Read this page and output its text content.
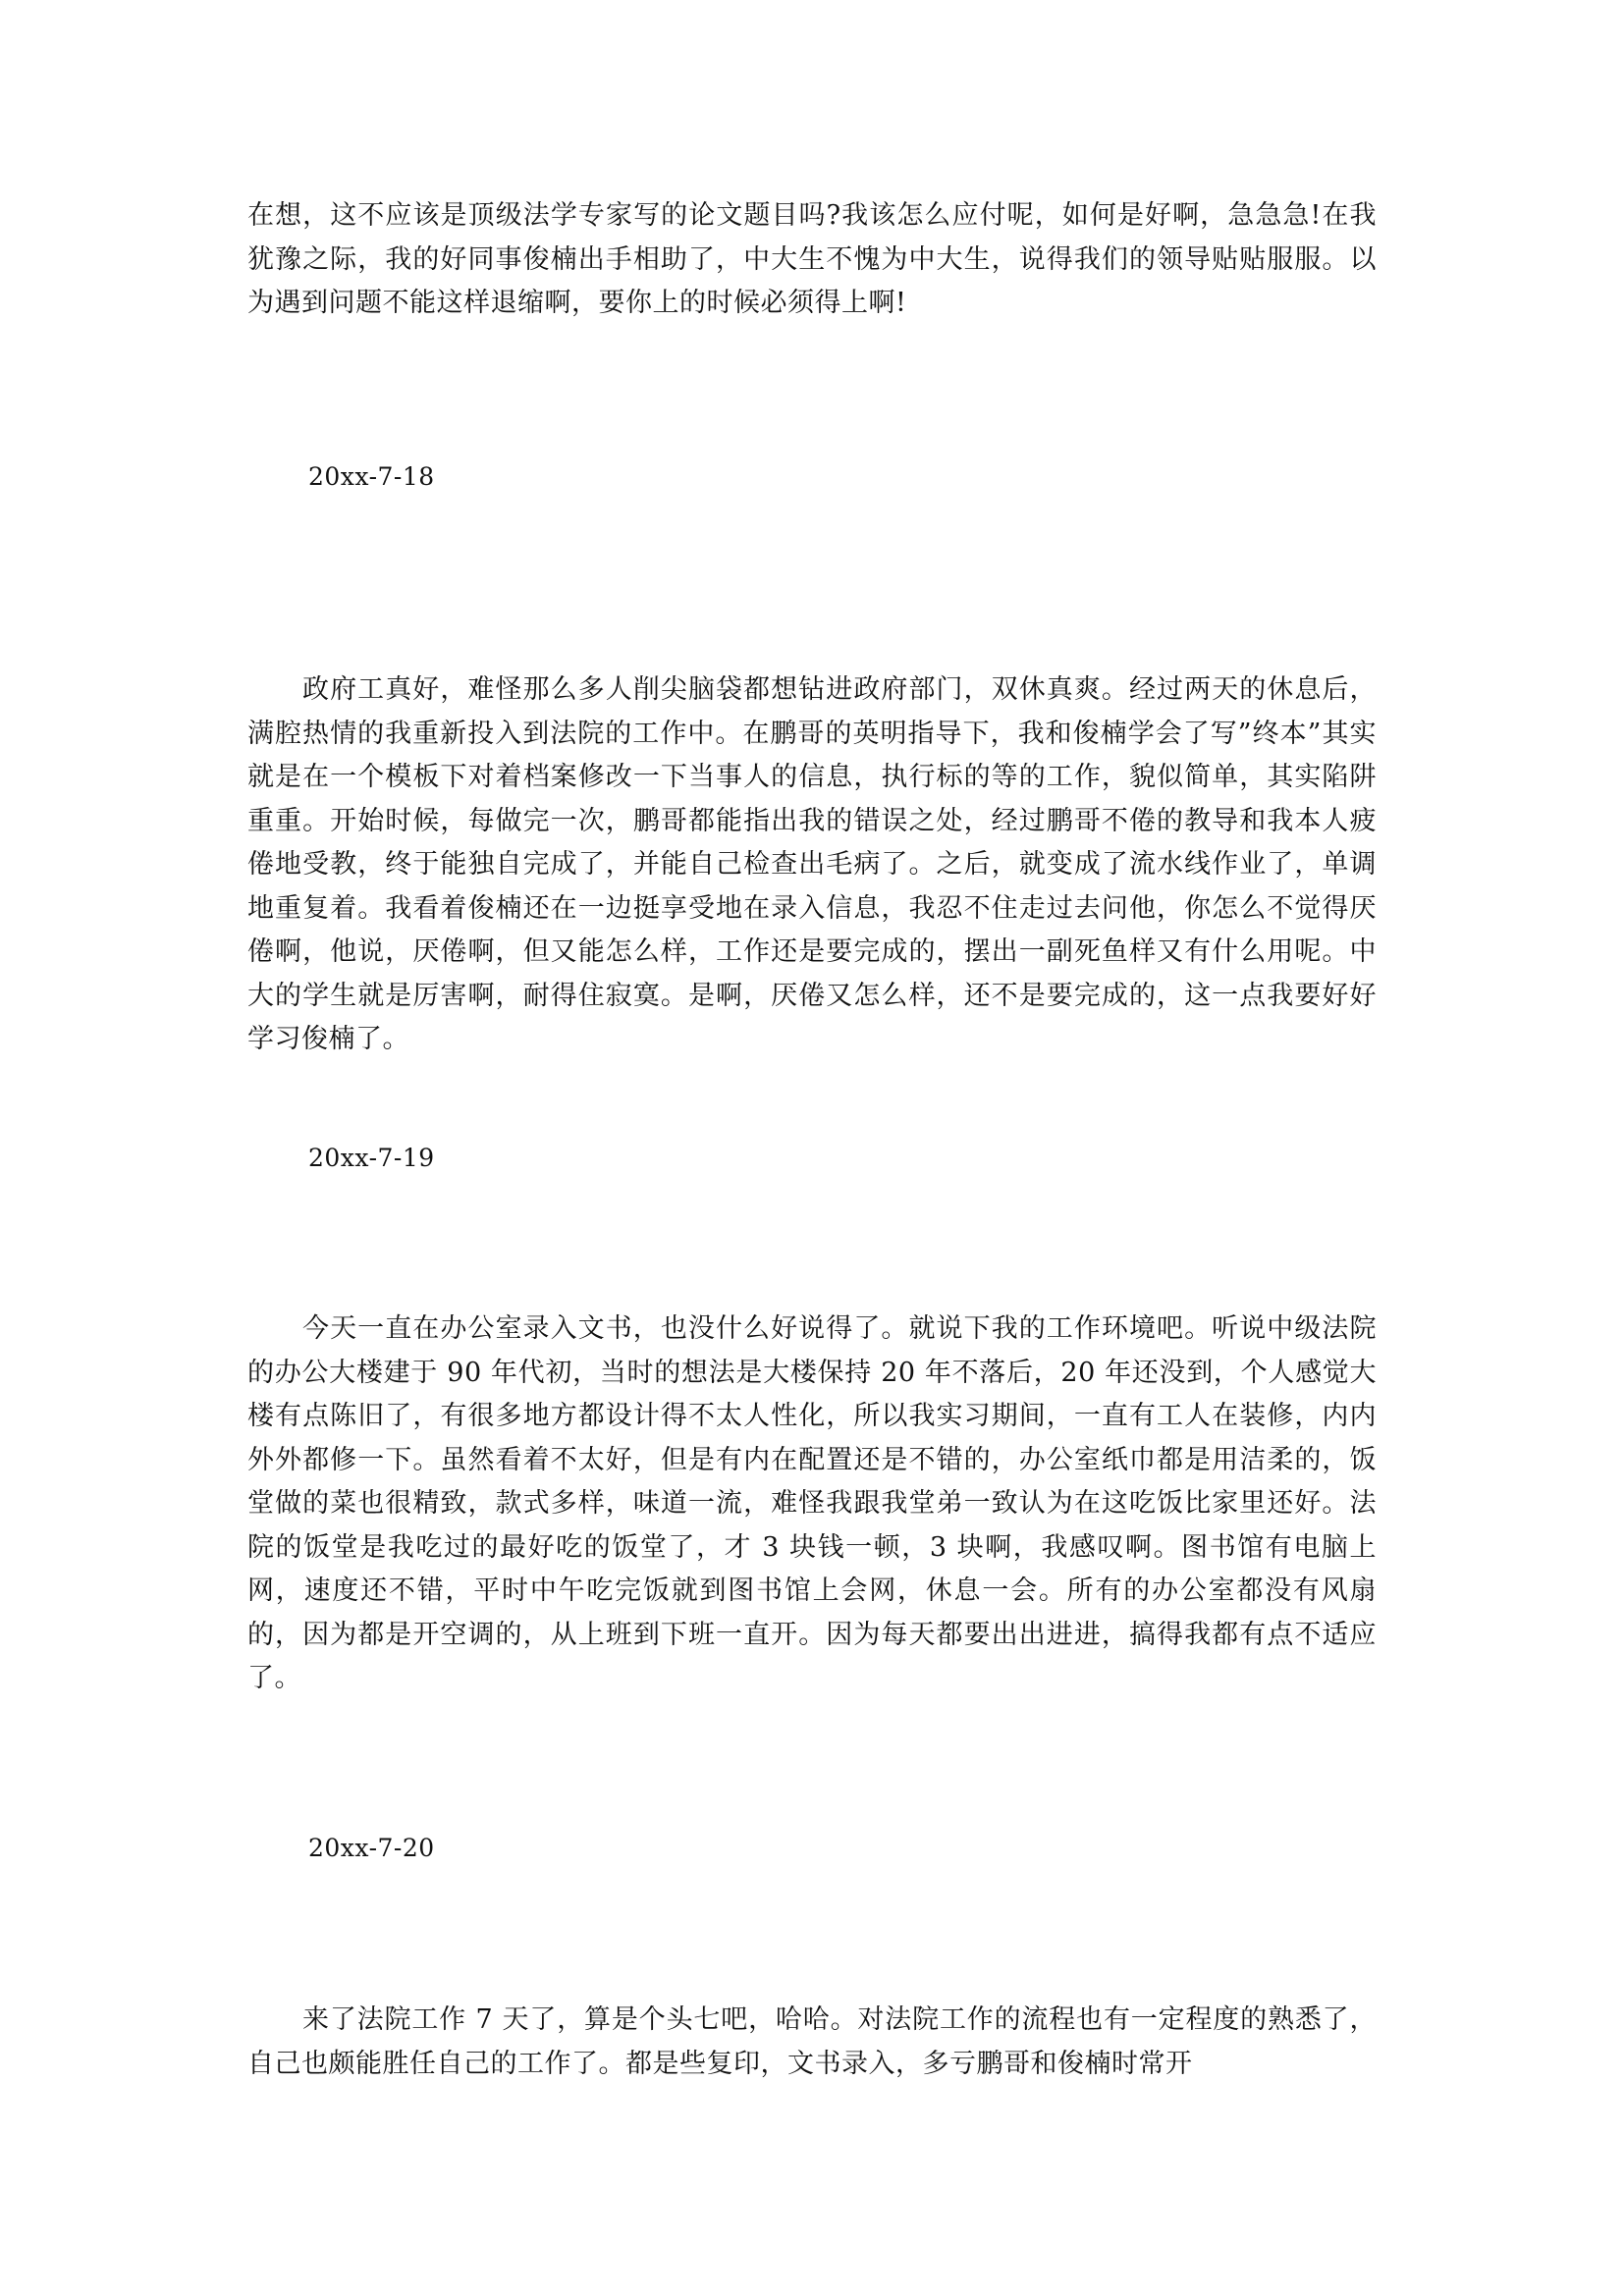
在想，这不应该是顶级法学专家写的论文题目吗?我该怎么应付呢，如何是好啊，急急急!在我犹豫之际，我的好同事俊楠出手相助了，中大生不愧为中大生，说得我们的领导贴贴服服。以为遇到问题不能这样退缩啊，要你上的时候必须得上啊!

20xx-7-18

政府工真好，难怪那么多人削尖脑袋都想钻进政府部门，双休真爽。经过两天的休息后，满腔热情的我重新投入到法院的工作中。在鹏哥的英明指导下，我和俊楠学会了写”终本”其实就是在一个模板下对着档案修改一下当事人的信息，执行标的等的工作，貌似简单，其实陷阱重重。开始时候，每做完一次，鹏哥都能指出我的错误之处，经过鹏哥不倦的教导和我本人疲倦地受教，终于能独自完成了，并能自己检查出毛病了。之后，就变成了流水线作业了，单调地重复着。我看着俊楠还在一边挺享受地在录入信息，我忍不住走过去问他，你怎么不觉得厌倦啊，他说，厌倦啊，但又能怎么样，工作还是要完成的，摆出一副死鱼样又有什么用呢。中大的学生就是厉害啊，耐得住寂寞。是啊，厌倦又怎么样，还不是要完成的，这一点我要好好学习俊楠了。

20xx-7-19

今天一直在办公室录入文书，也没什么好说得了。就说下我的工作环境吧。听说中级法院的办公大楼建于 90 年代初，当时的想法是大楼保持 20 年不落后，20 年还没到，个人感觉大楼有点陈旧了，有很多地方都设计得不太人性化，所以我实习期间，一直有工人在装修，内内外外都修一下。虽然看着不太好，但是有内在配置还是不错的，办公室纸巾都是用洁柔的，饭堂做的菜也很精致，款式多样，味道一流，难怪我跟我堂弟一致认为在这吃饭比家里还好。法院的饭堂是我吃过的最好吃的饭堂了，才 3 块钱一顿，3 块啊，我感叹啊。图书馆有电脑上网，速度还不错，平时中午吃完饭就到图书馆上会网，休息一会。所有的办公室都没有风扇的，因为都是开空调的，从上班到下班一直开。因为每天都要出出进进，搞得我都有点不适应了。

20xx-7-20

来了法院工作 7 天了，算是个头七吧，哈哈。对法院工作的流程也有一定程度的熟悉了，自己也颇能胜任自己的工作了。都是些复印，文书录入，多亏鹏哥和俊楠时常开
